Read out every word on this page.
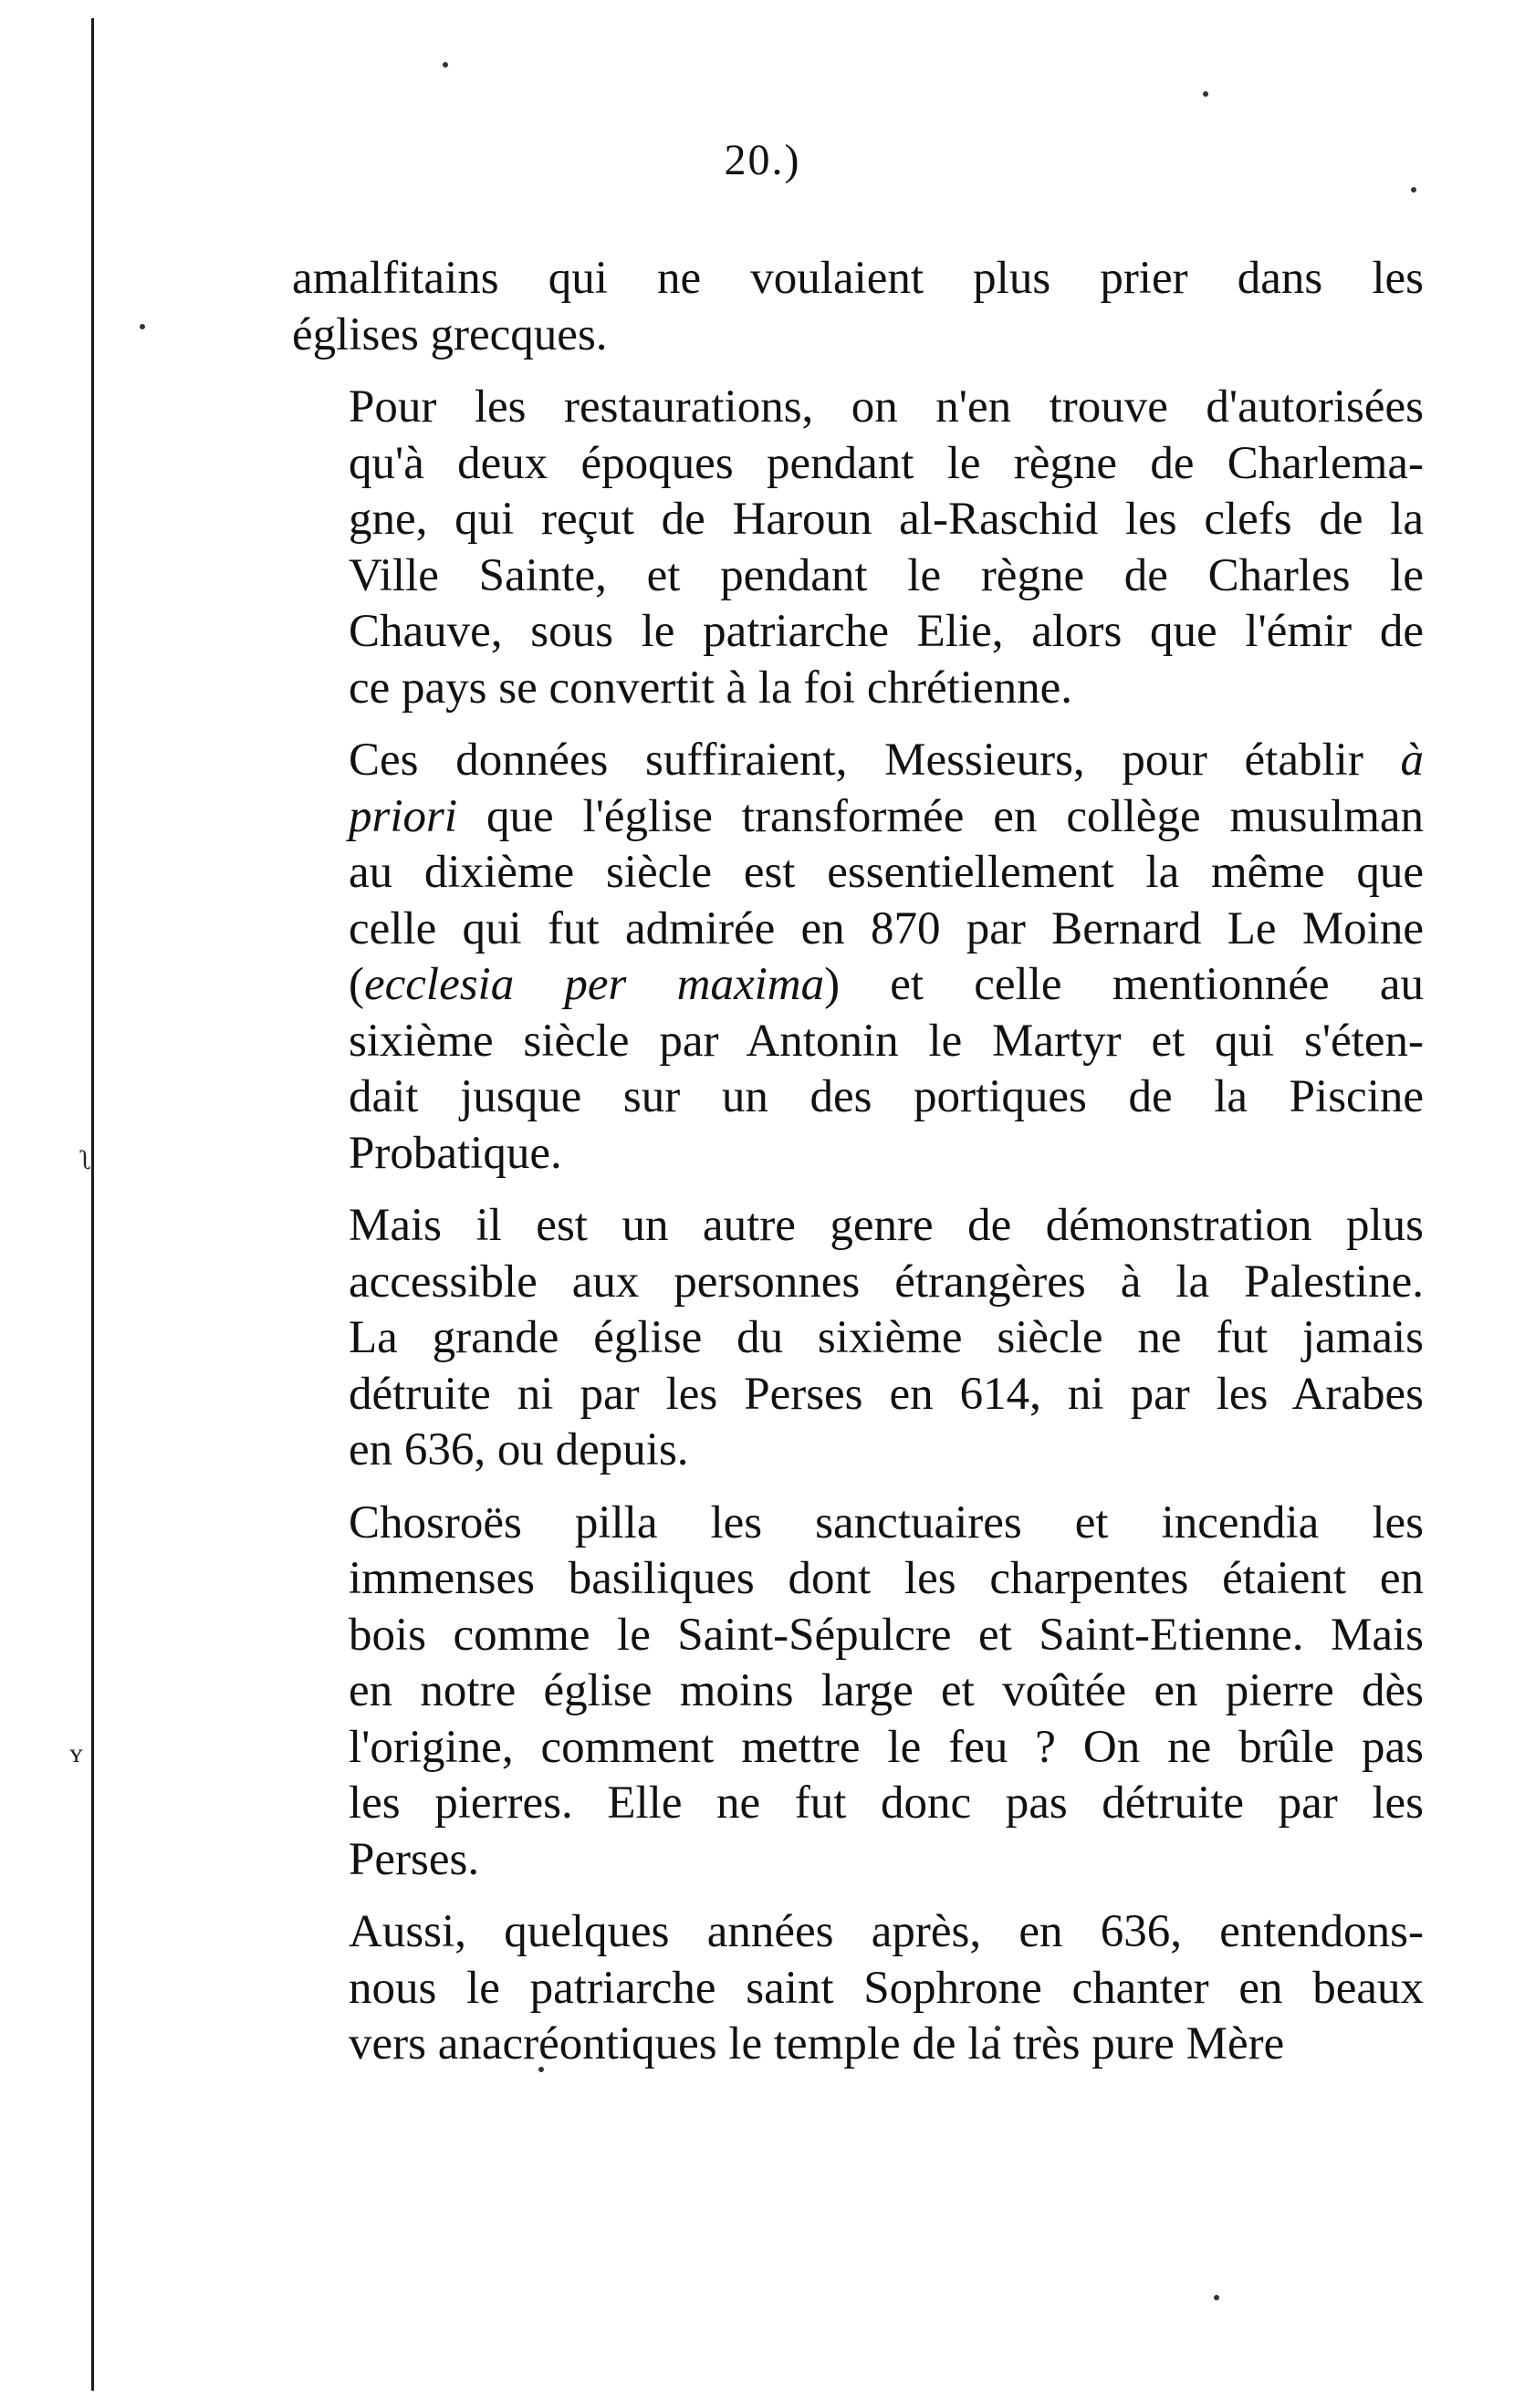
ʅ
ʏ
20.)

amalfitains qui ne voulaient plus prier dans les
églises grecques.

Pour les restaurations, on n'en trouve d'autorisées
qu'à deux époques pendant le règne de Charlema-
gne, qui reçut de Haroun al-Raschid les clefs de la
Ville Sainte, et pendant le règne de Charles le
Chauve, sous le patriarche Elie, alors que l'émir de
ce pays se convertit à la foi chrétienne.

Ces données suffiraient, Messieurs, pour établir à
priori que l'église transformée en collège musulman
au dixième siècle est essentiellement la même que
celle qui fut admirée en 870 par Bernard Le Moine
(ecclesia per maxima) et celle mentionnée au
sixième siècle par Antonin le Martyr et qui s'éten-
dait jusque sur un des portiques de la Piscine
Probatique.

Mais il est un autre genre de démonstration plus
accessible aux personnes étrangères à la Palestine.
La grande église du sixième siècle ne fut jamais
détruite ni par les Perses en 614, ni par les Arabes
en 636, ou depuis.

Chosroës pilla les sanctuaires et incendia les
immenses basiliques dont les charpentes étaient en
bois comme le Saint-Sépulcre et Saint-Etienne. Mais
en notre église moins large et voûtée en pierre dès
l'origine, comment mettre le feu ? On ne brûle pas
les pierres. Elle ne fut donc pas détruite par les
Perses.

Aussi, quelques années après, en 636, entendons-
nous le patriarche saint Sophrone chanter en beaux
vers anacréontiques le temple de la très pure Mère
